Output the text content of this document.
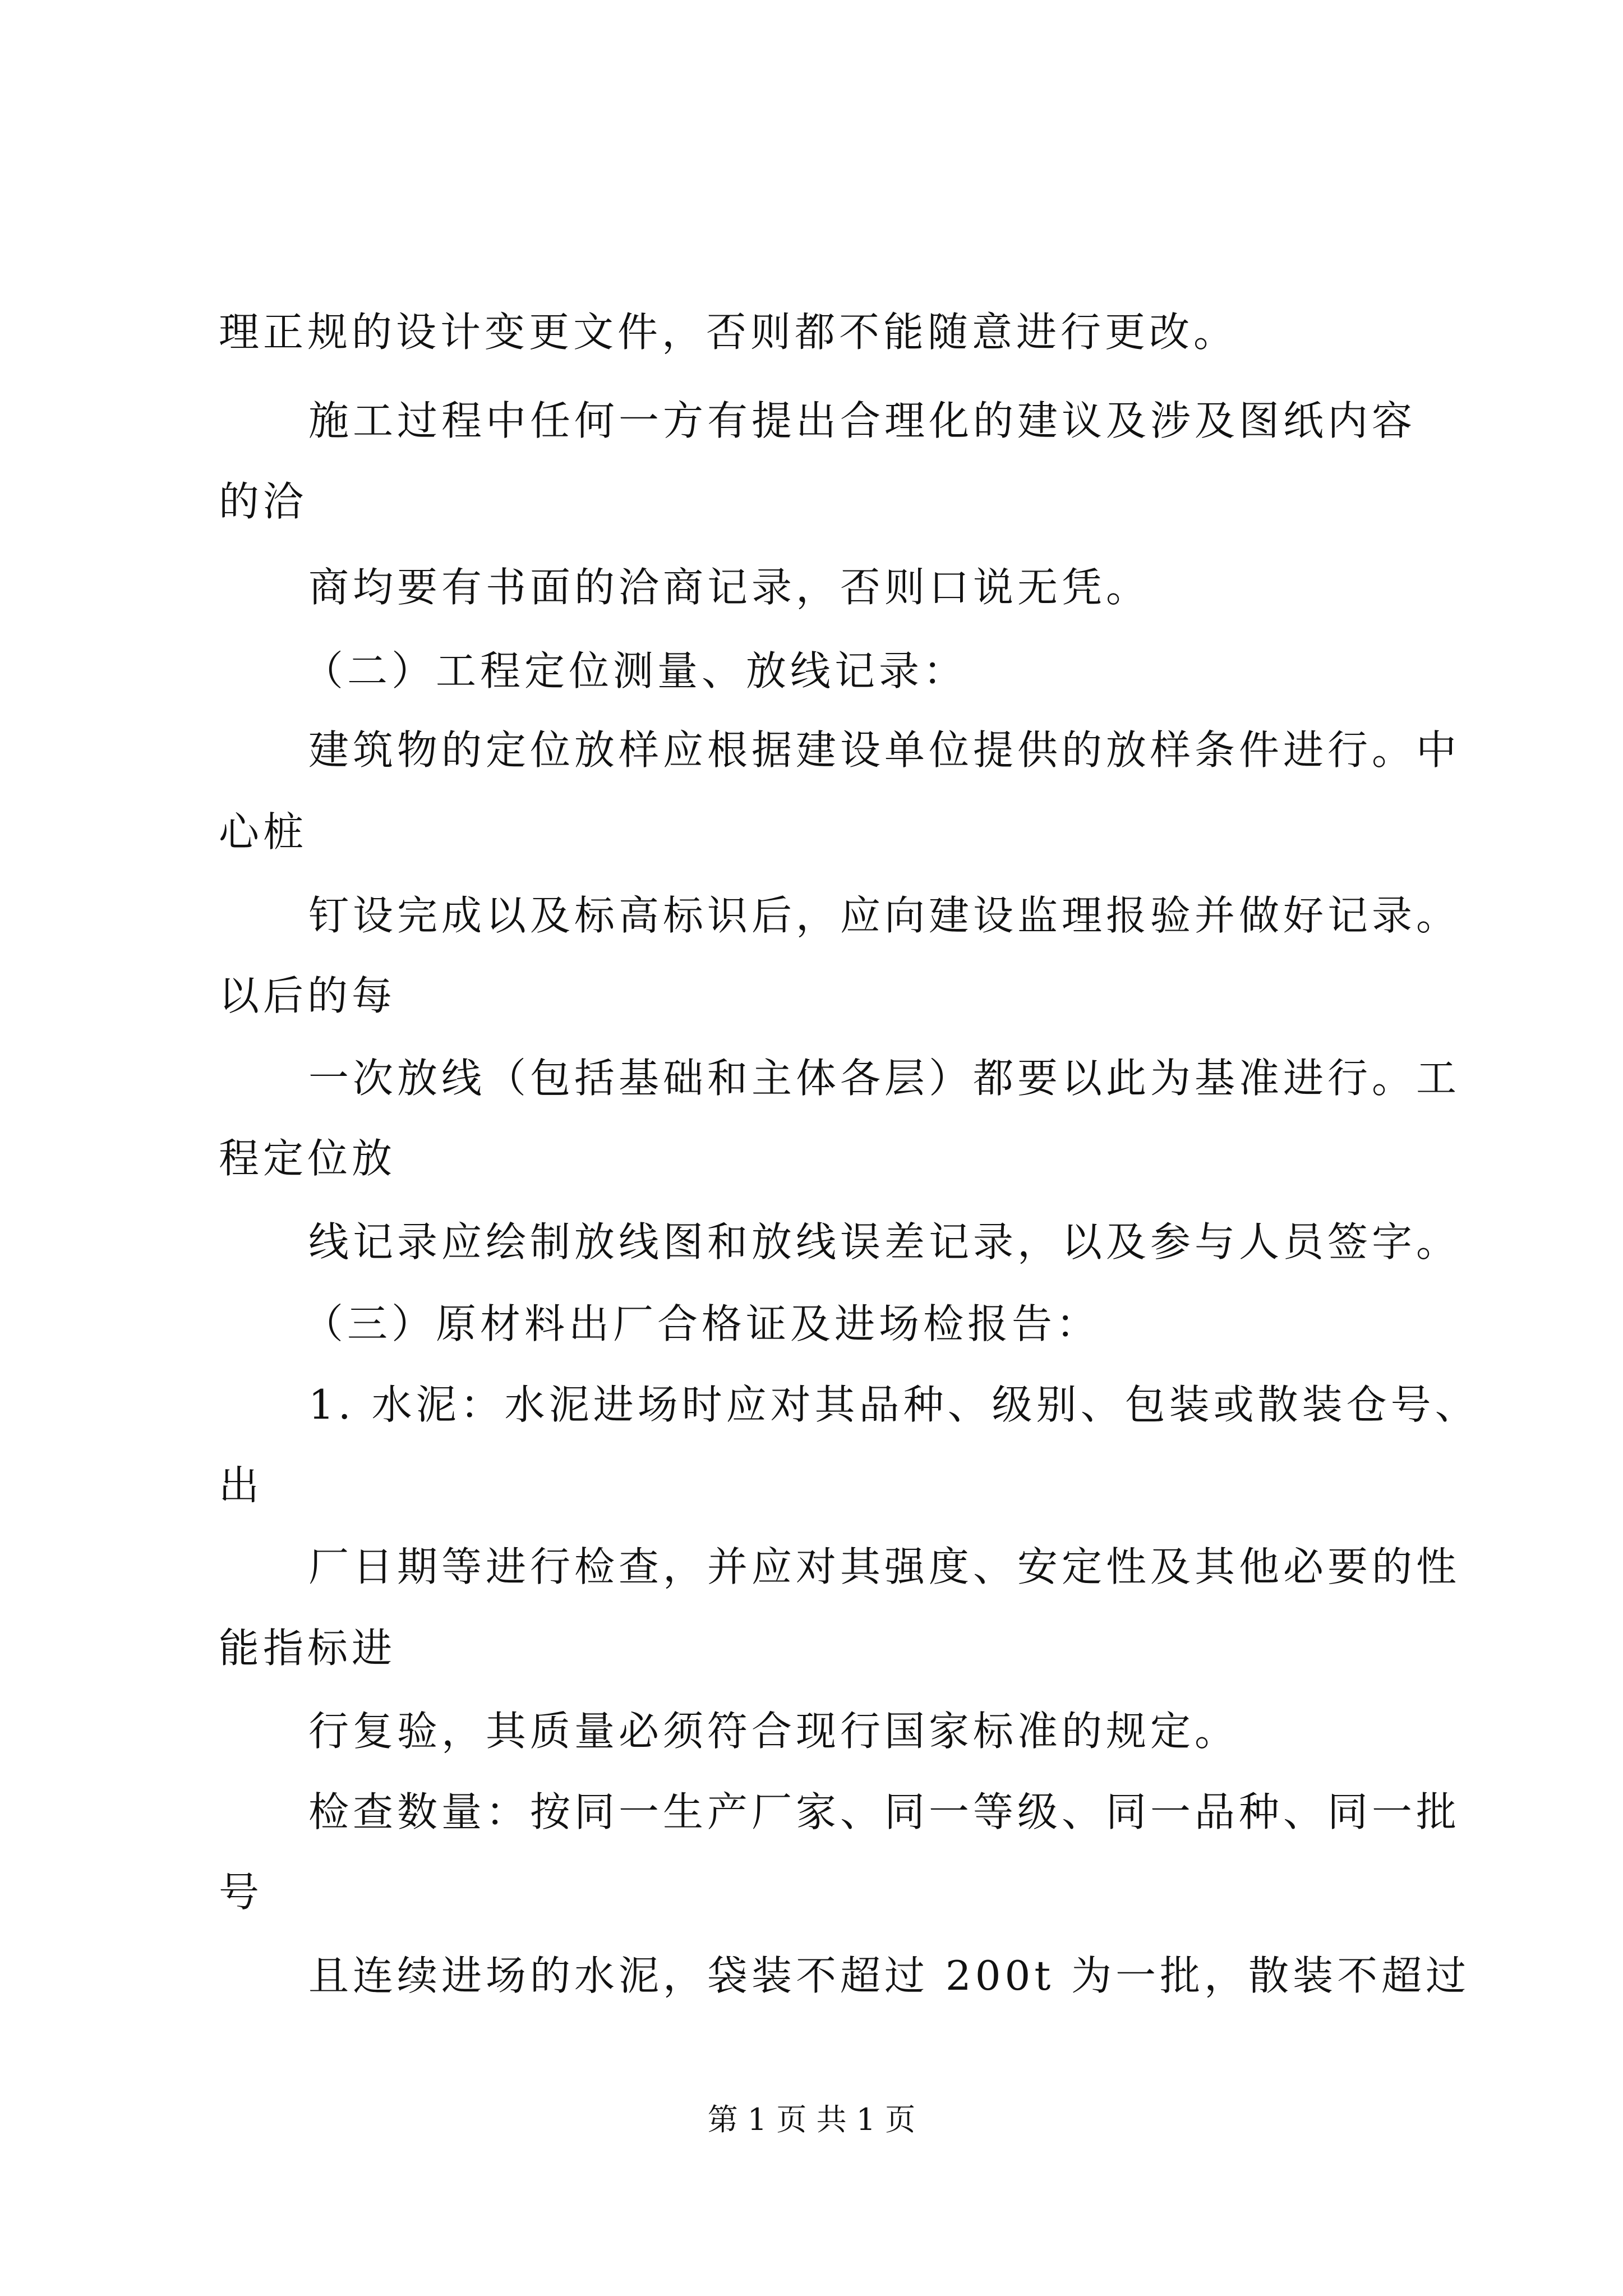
理正规的设计变更文件，否则都不能随意进行更改。
施工过程中任何一方有提出合理化的建议及涉及图纸内容
的洽
商均要有书面的洽商记录，否则口说无凭。
（二）工程定位测量、放线记录：
建筑物的定位放样应根据建设单位提供的放样条件进行。中
心桩
钉设完成以及标高标识后，应向建设监理报验并做好记录。
以后的每
一次放线（包括基础和主体各层）都要以此为基准进行。工
程定位放
线记录应绘制放线图和放线误差记录，以及参与人员签字。
（三）原材料出厂合格证及进场检报告：
1. 水泥：水泥进场时应对其品种、级别、包装或散装仓号、
出
厂日期等进行检查，并应对其强度、安定性及其他必要的性
能指标进
行复验，其质量必须符合现行国家标准的规定。
检查数量：按同一生产厂家、同一等级、同一品种、同一批
号
且连续进场的水泥，袋装不超过 200t 为一批，散装不超过
第 1 页 共 1 页
